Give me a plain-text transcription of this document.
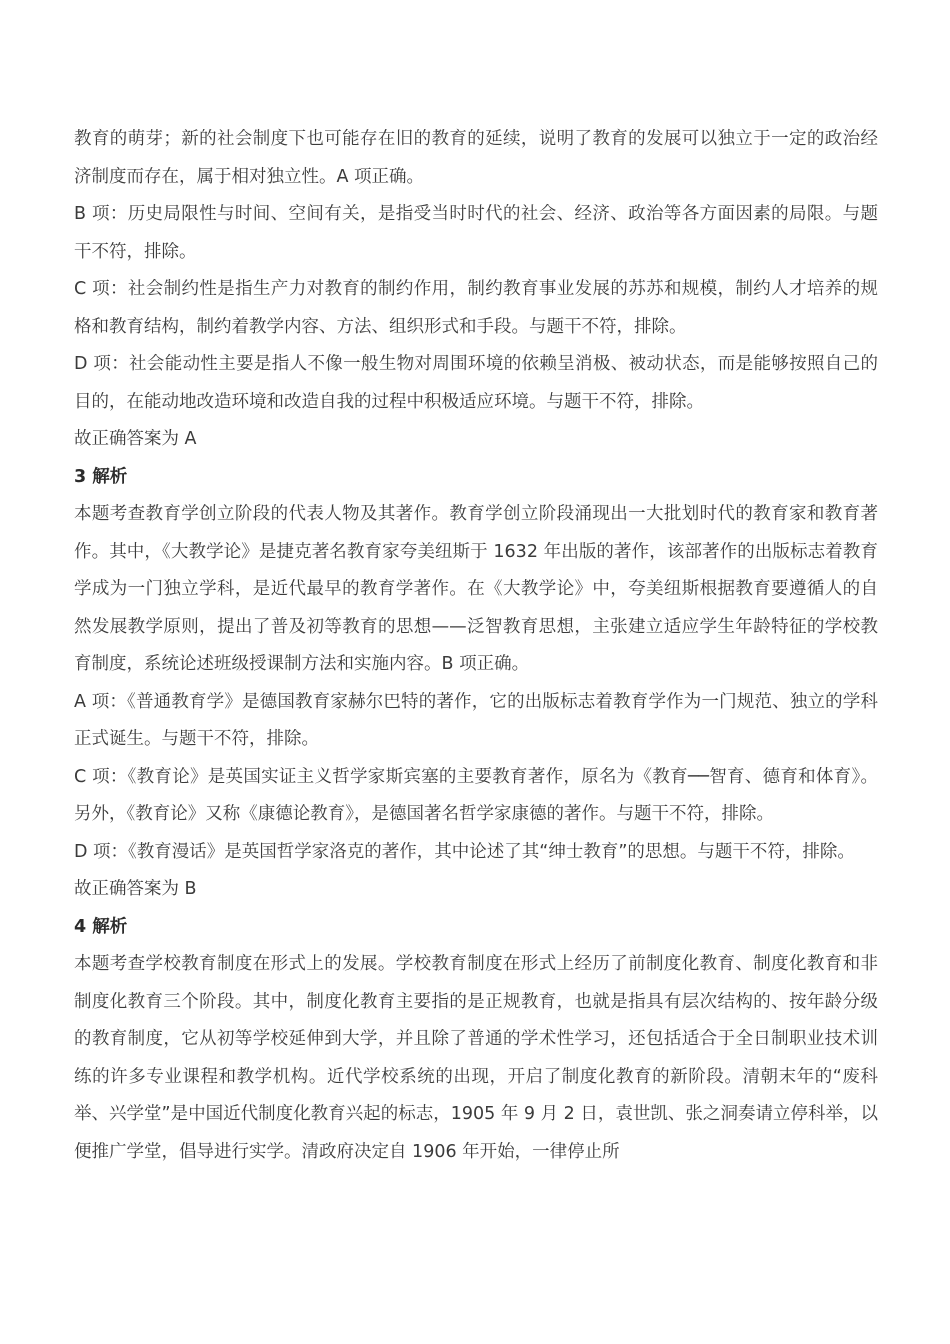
教育的萌芽；新的社会制度下也可能存在旧的教育的延续，说明了教育的发展可以独立于一定的政治经济制度而存在，属于相对独立性。A 项正确。

B 项：历史局限性与时间、空间有关，是指受当时时代的社会、经济、政治等各方面因素的局限。与题干不符，排除。

C 项：社会制约性是指生产力对教育的制约作用，制约教育事业发展的苏苏和规模，制约人才培养的规格和教育结构，制约着教学内容、方法、组织形式和手段。与题干不符，排除。

D 项：社会能动性主要是指人不像一般生物对周围环境的依赖呈消极、被动状态，而是能够按照自己的目的，在能动地改造环境和改造自我的过程中积极适应环境。与题干不符，排除。

故正确答案为 A

3 解析

本题考查教育学创立阶段的代表人物及其著作。教育学创立阶段涌现出一大批划时代的教育家和教育著作。其中，《大教学论》是捷克著名教育家夸美纽斯于 1632 年出版的著作，该部著作的出版标志着教育学成为一门独立学科，是近代最早的教育学著作。在《大教学论》中，夸美纽斯根据教育要遵循人的自然发展教学原则，提出了普及初等教育的思想——泛智教育思想，主张建立适应学生年龄特征的学校教育制度，系统论述班级授课制方法和实施内容。B 项正确。

A 项：《普通教育学》是德国教育家赫尔巴特的著作，它的出版标志着教育学作为一门规范、独立的学科正式诞生。与题干不符，排除。

C 项：《教育论》是英国实证主义哲学家斯宾塞的主要教育著作，原名为《教育──智育、德育和体育》。另外，《教育论》又称《康德论教育》，是德国著名哲学家康德的著作。与题干不符，排除。

D 项：《教育漫话》是英国哲学家洛克的著作，其中论述了其“绅士教育”的思想。与题干不符，排除。

故正确答案为 B

4 解析

本题考查学校教育制度在形式上的发展。学校教育制度在形式上经历了前制度化教育、制度化教育和非制度化教育三个阶段。其中，制度化教育主要指的是正规教育，也就是指具有层次结构的、按年龄分级的教育制度，它从初等学校延伸到大学，并且除了普通的学术性学习，还包括适合于全日制职业技术训练的许多专业课程和教学机构。近代学校系统的出现，开启了制度化教育的新阶段。清朝末年的“废科举、兴学堂”是中国近代制度化教育兴起的标志，1905 年 9 月 2 日，袁世凯、张之洞奏请立停科举，以便推广学堂，倡导进行实学。清政府决定自 1906 年开始，一律停止所
